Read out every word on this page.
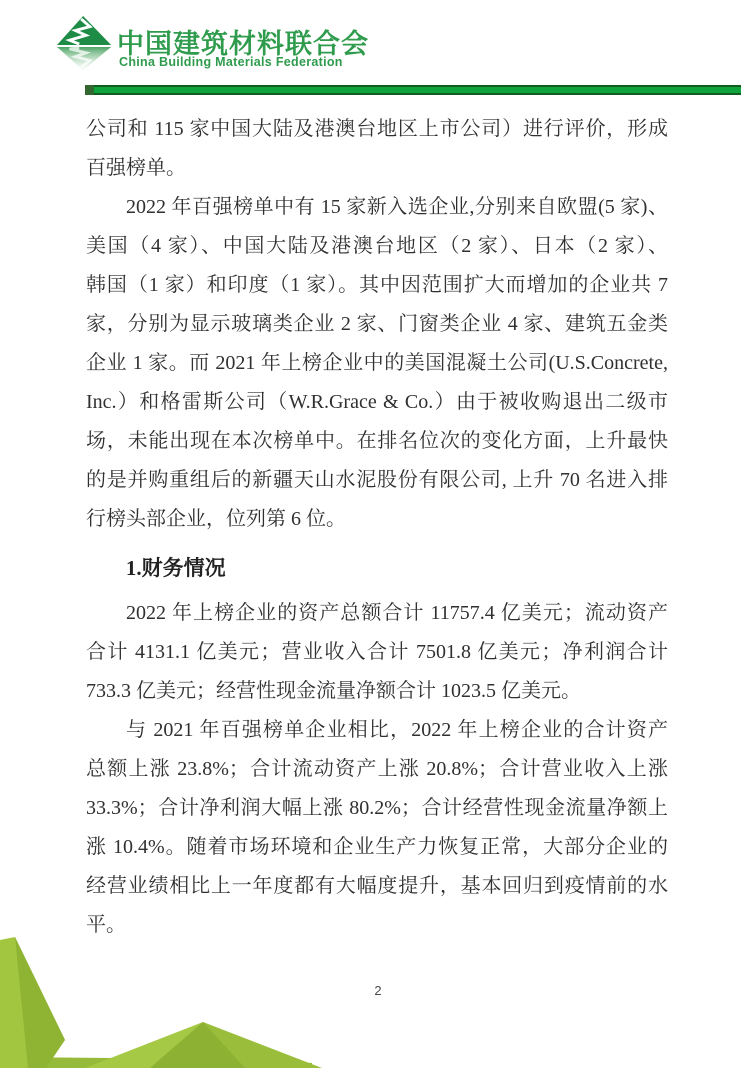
中国建筑材料联合会
China Building Materials Federation
公司和 115 家中国大陆及港澳台地区上市公司）进行评价，形成
百强榜单。
2022 年百强榜单中有 15 家新入选企业,分别来自欧盟(5 家)、
美国（4 家）、中国大陆及港澳台地区（2 家）、日本（2 家）、
韩国（1 家）和印度（1 家）。其中因范围扩大而增加的企业共 7
家，分别为显示玻璃类企业 2 家、门窗类企业 4 家、建筑五金类
企业 1 家。而 2021 年上榜企业中的美国混凝土公司(U.S.Concrete,
Inc.）和格雷斯公司（W.R.Grace & Co.）由于被收购退出二级市
场，未能出现在本次榜单中。在排名位次的变化方面，上升最快
的是并购重组后的新疆天山水泥股份有限公司, 上升 70 名进入排
行榜头部企业，位列第 6 位。
1.财务情况
2022 年上榜企业的资产总额合计 11757.4 亿美元；流动资产
合计 4131.1 亿美元；营业收入合计 7501.8 亿美元；净利润合计
733.3 亿美元；经营性现金流量净额合计 1023.5 亿美元。
与 2021 年百强榜单企业相比，2022 年上榜企业的合计资产
总额上涨 23.8%；合计流动资产上涨 20.8%；合计营业收入上涨
33.3%；合计净利润大幅上涨 80.2%；合计经营性现金流量净额上
涨 10.4%。随着市场环境和企业生产力恢复正常，大部分企业的
经营业绩相比上一年度都有大幅度提升，基本回归到疫情前的水
平。
2
